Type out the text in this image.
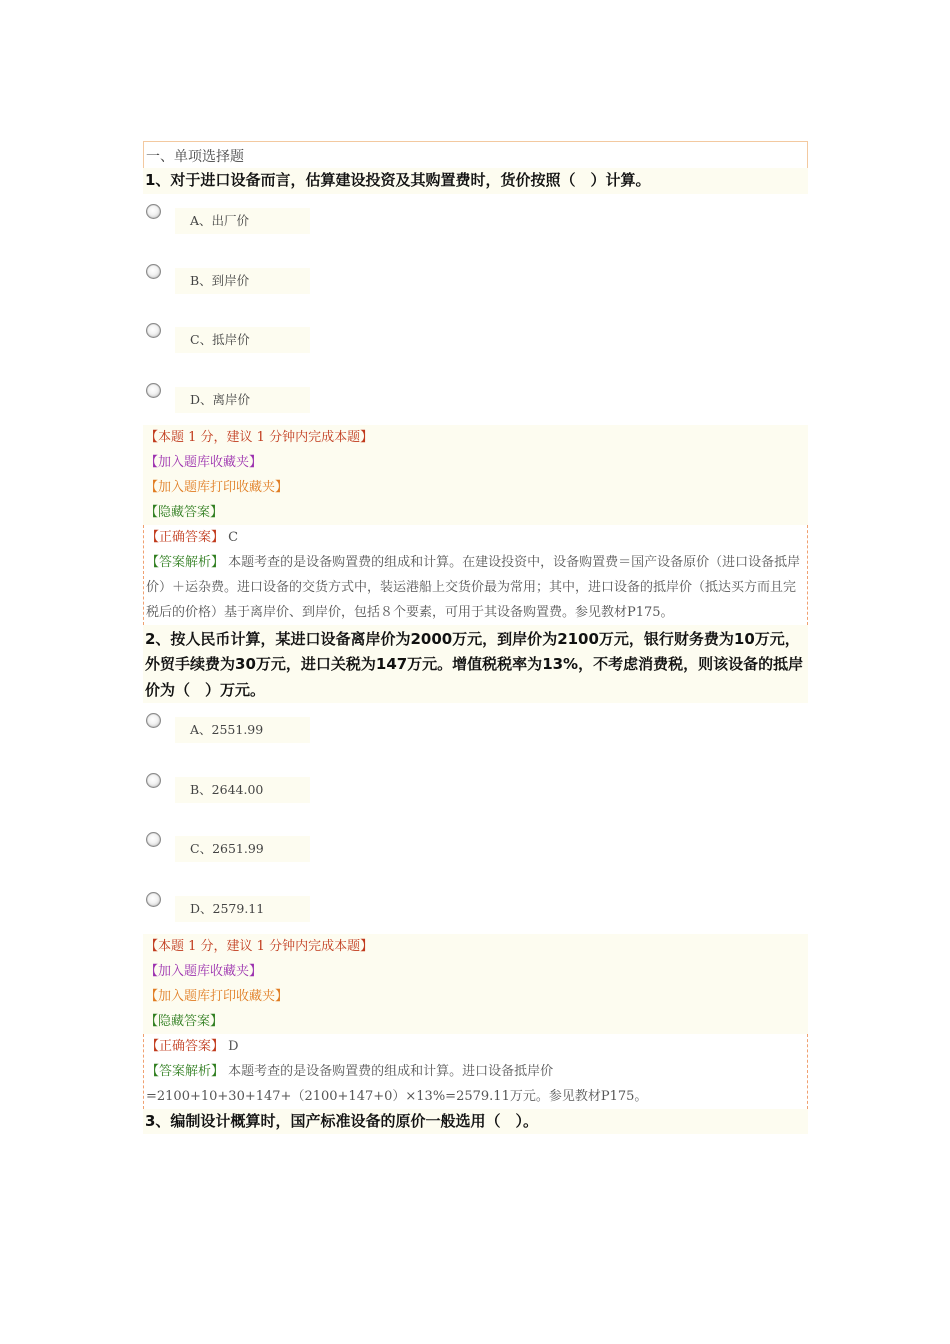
一、单项选择题
1、对于进口设备而言，估算建设投资及其购置费时，货价按照（　）计算。
A、出厂价
B、到岸价
C、抵岸价
D、离岸价
【本题 1 分，建议 1 分钟内完成本题】
【加入题库收藏夹】
【加入题库打印收藏夹】
【隐藏答案】
【正确答案】 C
【答案解析】 本题考查的是设备购置费的组成和计算。在建设投资中，设备购置费＝国产设备原价（进口设备抵岸价）＋运杂费。进口设备的交货方式中，装运港船上交货价最为常用；其中，进口设备的抵岸价（抵达买方而且完税后的价格）基于离岸价、到岸价，包括８个要素，可用于其设备购置费。参见教材P175。
2、按人民币计算，某进口设备离岸价为2000万元，到岸价为2100万元，银行财务费为10万元，外贸手续费为30万元，进口关税为147万元。增值税税率为13%，不考虑消费税，则该设备的抵岸价为（　）万元。
A、2551.99
B、2644.00
C、2651.99
D、2579.11
【本题 1 分，建议 1 分钟内完成本题】
【加入题库收藏夹】
【加入题库打印收藏夹】
【隐藏答案】
【正确答案】 D
【答案解析】 本题考查的是设备购置费的组成和计算。进口设备抵岸价
=2100+10+30+147+（2100+147+0）×13%=2579.11万元。参见教材P175。
3、编制设计概算时，国产标准设备的原价一般选用（　）。
